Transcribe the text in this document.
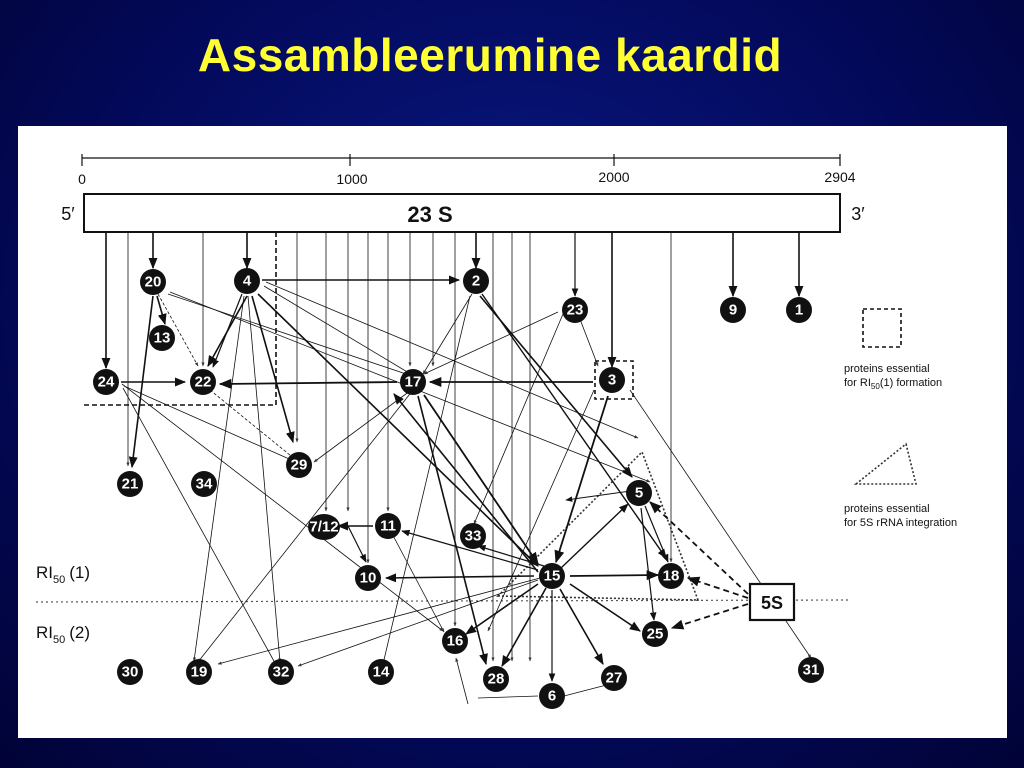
Assambleerumine kaardid
0	1000	2000	2904
23 S
5′	3′
$RI_{50}$ (1)
$RI_{50}$ (2)
20	4	2
23	9	1
13
24	22	17	3
29
21	34
5
7/12	11
33
10	15	18
25
16
30	19	32	14	28	27	31
6
5S
proteins essential
for $RI_{50}(1)$ formation
proteins essential
for 5S rRNA integration
